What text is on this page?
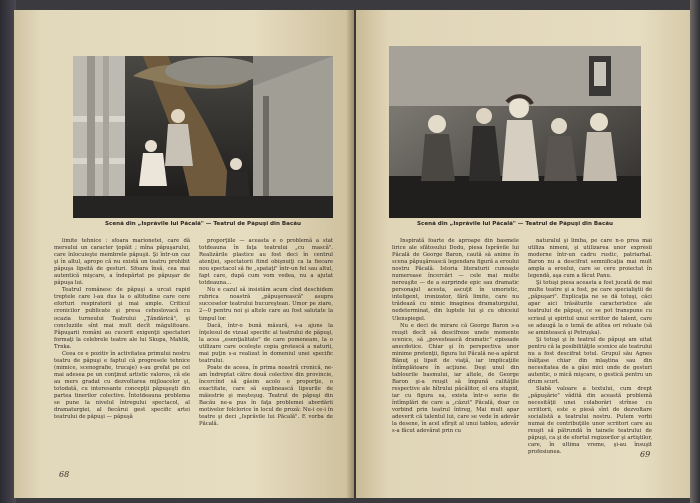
Scenă din „Isprăvile lui Păcală" — Teatrul de Păpuşi din Bacău

limite tehnice : sfoara marionetei, care dă mersului un caracter ţopăit ; mîna păpuşarului, care înlocuieşte membrele păpuşii. Şi într-un caz şi în altul, apropo că nu există un teatru prohibit păpuşa lipsită de gesturi. Sfoara însă, cea mai autentică mişcare, a îndepărtat pe păpuşar de păpuşa lui.

Teatrul românesc de păpuşi a urcat rapid treptele care l-au dus la o altitudine care cere eforturi respiratorii şi mai ample. Criticul cronicilor publicate şi presa cehoslovacă cu ocazia turneului Teatrului „Ţăndărică", şi concluziile sînt mai mult decît măgulitoare. Păpuşarii români au cucerit exigenţii spectatori formaţi la celebrele teatre ale lui Skupa, Mahlik, Trnka.

Ceea ce e pozitiv în activitatea primului nostru teatru de păpuşi e faptul că progresele tehnice (mimice, scenografie, trucaje) s-au grefat pe cel mai adesea pe un conţinut artistic valoros, că ele au mers gradat cu dezvoltarea mijloacelor şi, totodată, cu interesante concepţii păpuşeşti din partea tinerilor colective. Întotdeauna problema se pune la nivelul întregului spectacol, al dramaturgiei, al fiecărui gest specific artei teatrului de păpuşi — păpuşă

proporţiile — aceasta e o problemă a stat totdeauna în faţa teatrului „cu mască". Realizările plastice au fost deci în centrul atenţiei, spectatorii fiind obişnuiţi ca la fiecare nou spectacol să fie „spataţi" într-un fel sau altul, fapt care, după cum vom vedea, nu a ajutat totdeauna...

Nu e cazul să insistăm acum cînd deschidem rubrica noastră „păpuşerească" asupra succeselor teatrului bucureştean. Umor pe ziare, 2—0 pentru noi şi altele care au fost salutate la timpul lor.

Dacă, într-o bună măsură, s-a ajuns la înţelesul de vizual specific al teatrului de păpuşi, la acea „esenţialitate" de care pomeneam, la o utilizare care ocoleşte copia grotescă a naturii, mai puţin s-a realizat în domeniul unei specific teatrului.

Poate de aceea, în prima noastră cronică, ne-am îndreptat către două colective din provincie, încercînd să găsim acolo o proporţie, o exactitate, care să suplinească lipsurile de măiestrie şi meşteşug. Teatrul de păpuşi din Bacău ne-a pus în faţa problemei abordării motivelor folclorice în locul de proză: Nu-i ce-i în teatre şi deci „Isprăvile lui Păcală". E vorba de Păcală.

68
Scenă din „Isprăvile lui Păcală" — Teatrul de Păpuşi din Bacău

Inspirată foarte de aproape din basmele lirice ale sfătosului Dodu, piesa Isprăvile lui Păcală de George Baron, caută să anime în scena păpuşărească legendara figură a eroului nostru Păcală. Istoria literaturii cunoaşte numeroase încercări — cele mai multe nereuşite — de a surprinde epic sau dramatic personajul acesta, ascuţit în umoristic, inteligent, ironizator, fără limite, care nu trădează cu nimic imaginea dramaturgului, nedeterminat, din luptele lui şi cu obiceiul Ulenspiegel.

Nu e deci de mirare că George Baron s-a reuşit decît să descifreze unele momente scenice, să „povestească dramatic" episoade anecdotice. Chiar şi în perspectiva unor minime pretenţii, figura lui Păcală ne-a apărut Bănuţ şi lipsit de viaţă, iar implicaţiile întîmplătoare în acţiune. Deşi unul din tablourile basmului, iar altele, de George Baron şi-a reuşit să împună calităţile respective ale hîtrului păcălitor, el era stupid, iar cu figura sa, exista într-o serie de întîmplări de care a „căzut" Păcală, doar ce vorbind prin teatrul întreg, Mai mult apar adeverit că talentul lui, care se vede în adevăr la desene, în acel sfîrşit al unui tablou, adevăr s-a făcut adevărat prin cu

naturalul şi limba, pe care n-o prea mai utiliza nimeni, şi utilizarea unor expresii moderne într-un cadru rustic, patriarhal. Baron nu a descifrat semnificaţia mai mult ampla a eroului, care se cere proiectat în legendă, aşa cum a făcut Panu.

Şi totuşi piesa aceasta a fost jucată de mai multe teatre şi a fost, pe care specialiştii de „păpuşari". Explicaţia ne se dă totuşi, căci apar aici trăsăturile caracteristice ale teatrului de păpuşi, ce se pot transpune cu scrisul şi spiritul unui scriitor de talent, care se adaugă la o temă de atîtea ori reluate (să se amintească şi Petruşka).

Şi totuşi şi în teatrul de păpuşi am uitat pentru că la posibilităţile scenice ale teatrului nu a fost descifrat totul. Grupul său Agnes înălţase chiar din mlaştina sau din necesitatea de a găsi mici unde de gesturi autentic, o mică mişcare, o gestică pentru un drum scurt.

Slabă valoare a textului, cum drept „păpuşărie" vădită din această problemă necesităţii unei colaborări strînse cu scriitorii, este o piesă sînt de dezvoltare socialistă a teatrului nostru. Putem vorbi numai de contribuţiile unor scriitori care au reuşit să pătrundă în tainele teatrului de păpuşi, ca şi de efortul regizorilor şi artiştilor, care, în ultima vreme, şi-au însuşit profesiunea.	69
